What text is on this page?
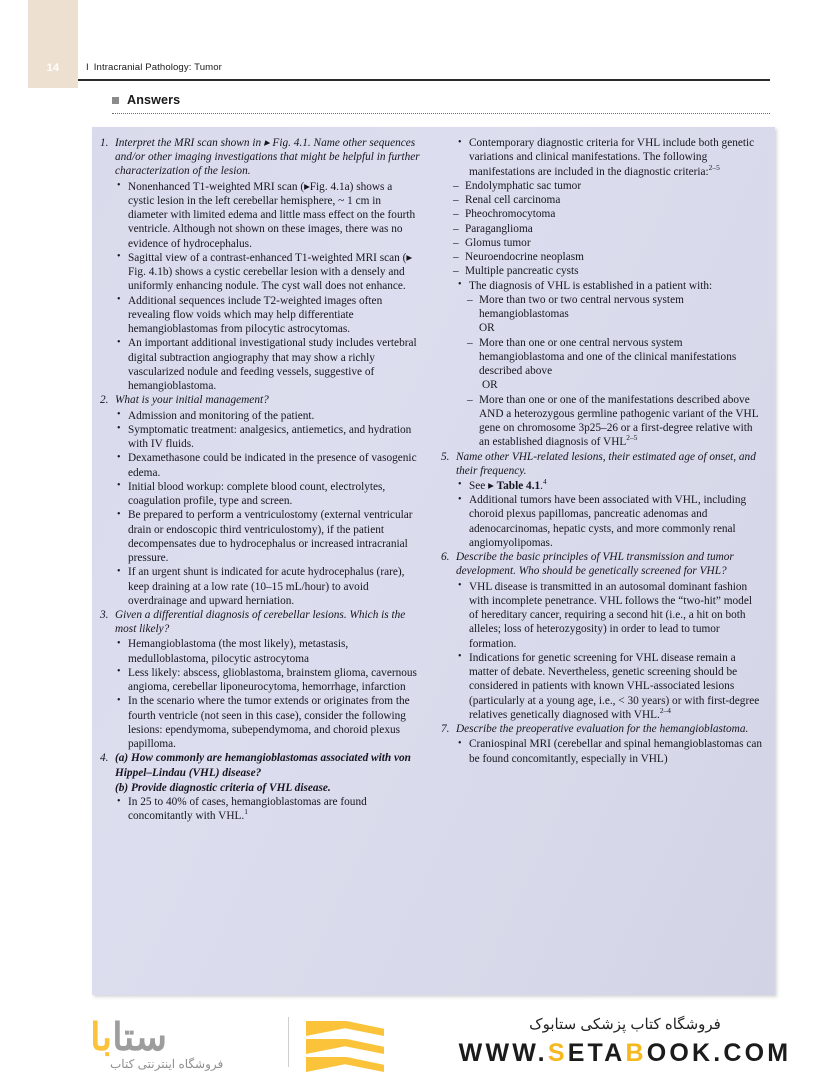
14	I Intracranial Pathology: Tumor
Answers
1. Interpret the MRI scan shown in ▸ Fig. 4.1. Name other sequences and/or other imaging investigations that might be helpful in further characterization of the lesion.
• Nonenhanced T1-weighted MRI scan (▸Fig. 4.1a) shows a cystic lesion in the left cerebellar hemisphere, ~ 1 cm in diameter with limited edema and little mass effect on the fourth ventricle. Although not shown on these images, there was no evidence of hydrocephalus.
• Sagittal view of a contrast-enhanced T1-weighted MRI scan (▸ Fig. 4.1b) shows a cystic cerebellar lesion with a densely and uniformly enhancing nodule. The cyst wall does not enhance.
• Additional sequences include T2-weighted images often revealing flow voids which may help differentiate hemangioblastomas from pilocytic astrocytomas.
• An important additional investigational study includes vertebral digital subtraction angiography that may show a richly vascularized nodule and feeding vessels, suggestive of hemangioblastoma.
2. What is your initial management?
• Admission and monitoring of the patient.
• Symptomatic treatment: analgesics, antiemetics, and hydration with IV fluids.
• Dexamethasone could be indicated in the presence of vasogenic edema.
• Initial blood workup: complete blood count, electrolytes, coagulation profile, type and screen.
• Be prepared to perform a ventriculostomy (external ventricular drain or endoscopic third ventriculostomy), if the patient decompensates due to hydrocephalus or increased intracranial pressure.
• If an urgent shunt is indicated for acute hydrocephalus (rare), keep draining at a low rate (10–15 mL/hour) to avoid overdrainage and upward herniation.
3. Given a differential diagnosis of cerebellar lesions. Which is the most likely?
• Hemangioblastoma (the most likely), metastasis, medulloblastoma, pilocytic astrocytoma
• Less likely: abscess, glioblastoma, brainstem glioma, cavernous angioma, cerebellar liponeurocytoma, hemorrhage, infarction
• In the scenario where the tumor extends or originates from the fourth ventricle (not seen in this case), consider the following lesions: ependymoma, subependymoma, and choroid plexus papilloma.
4. (a) How commonly are hemangioblastomas associated with von Hippel–Lindau (VHL) disease?
(b) Provide diagnostic criteria of VHL disease.
• In 25 to 40% of cases, hemangioblastomas are found concomitantly with VHL.$^1$
• Contemporary diagnostic criteria for VHL include both genetic variations and clinical manifestations. The following manifestations are included in the diagnostic criteria:$^{2-5}$
– Endolymphatic sac tumor
– Renal cell carcinoma
– Pheochromocytoma
– Paraganglioma
– Glomus tumor
– Neuroendocrine neoplasm
– Multiple pancreatic cysts
• The diagnosis of VHL is established in a patient with:
– More than two or two central nervous system hemangioblastomas
OR
– More than one or one central nervous system hemangioblastoma and one of the clinical manifestations described above
OR
– More than one or one of the manifestations described above AND a heterozygous germline pathogenic variant of the VHL gene on chromosome 3p25–26 or a first-degree relative with an established diagnosis of VHL$^{2-5}$
5. Name other VHL-related lesions, their estimated age of onset, and their frequency.
• See ▸ Table 4.1.$^4$
• Additional tumors have been associated with VHL, including choroid plexus papillomas, pancreatic adenomas and adenocarcinomas, hepatic cysts, and more commonly renal angiomyolipomas.
6. Describe the basic principles of VHL transmission and tumor development. Who should be genetically screened for VHL?
• VHL disease is transmitted in an autosomal dominant fashion with incomplete penetrance. VHL follows the “two-hit” model of hereditary cancer, requiring a second hit (i.e., a hit on both alleles; loss of heterozygosity) in order to lead to tumor formation.
• Indications for genetic screening for VHL disease remain a matter of debate. Nevertheless, genetic screening should be considered in patients with known VHL-associated lesions (particularly at a young age, i.e., < 30 years) or with first-degree relatives genetically diagnosed with VHL.$^{2-4}$
7. Describe the preoperative evaluation for the hemangioblastoma.
• Craniospinal MRI (cerebellar and spinal hemangioblastomas can be found concomitantly, especially in VHL)
ستابا
فروشگاه اینترنتی کتاب
فروشگاه کتاب پزشکی ستابوک
WWW.SETABOOK.COM
